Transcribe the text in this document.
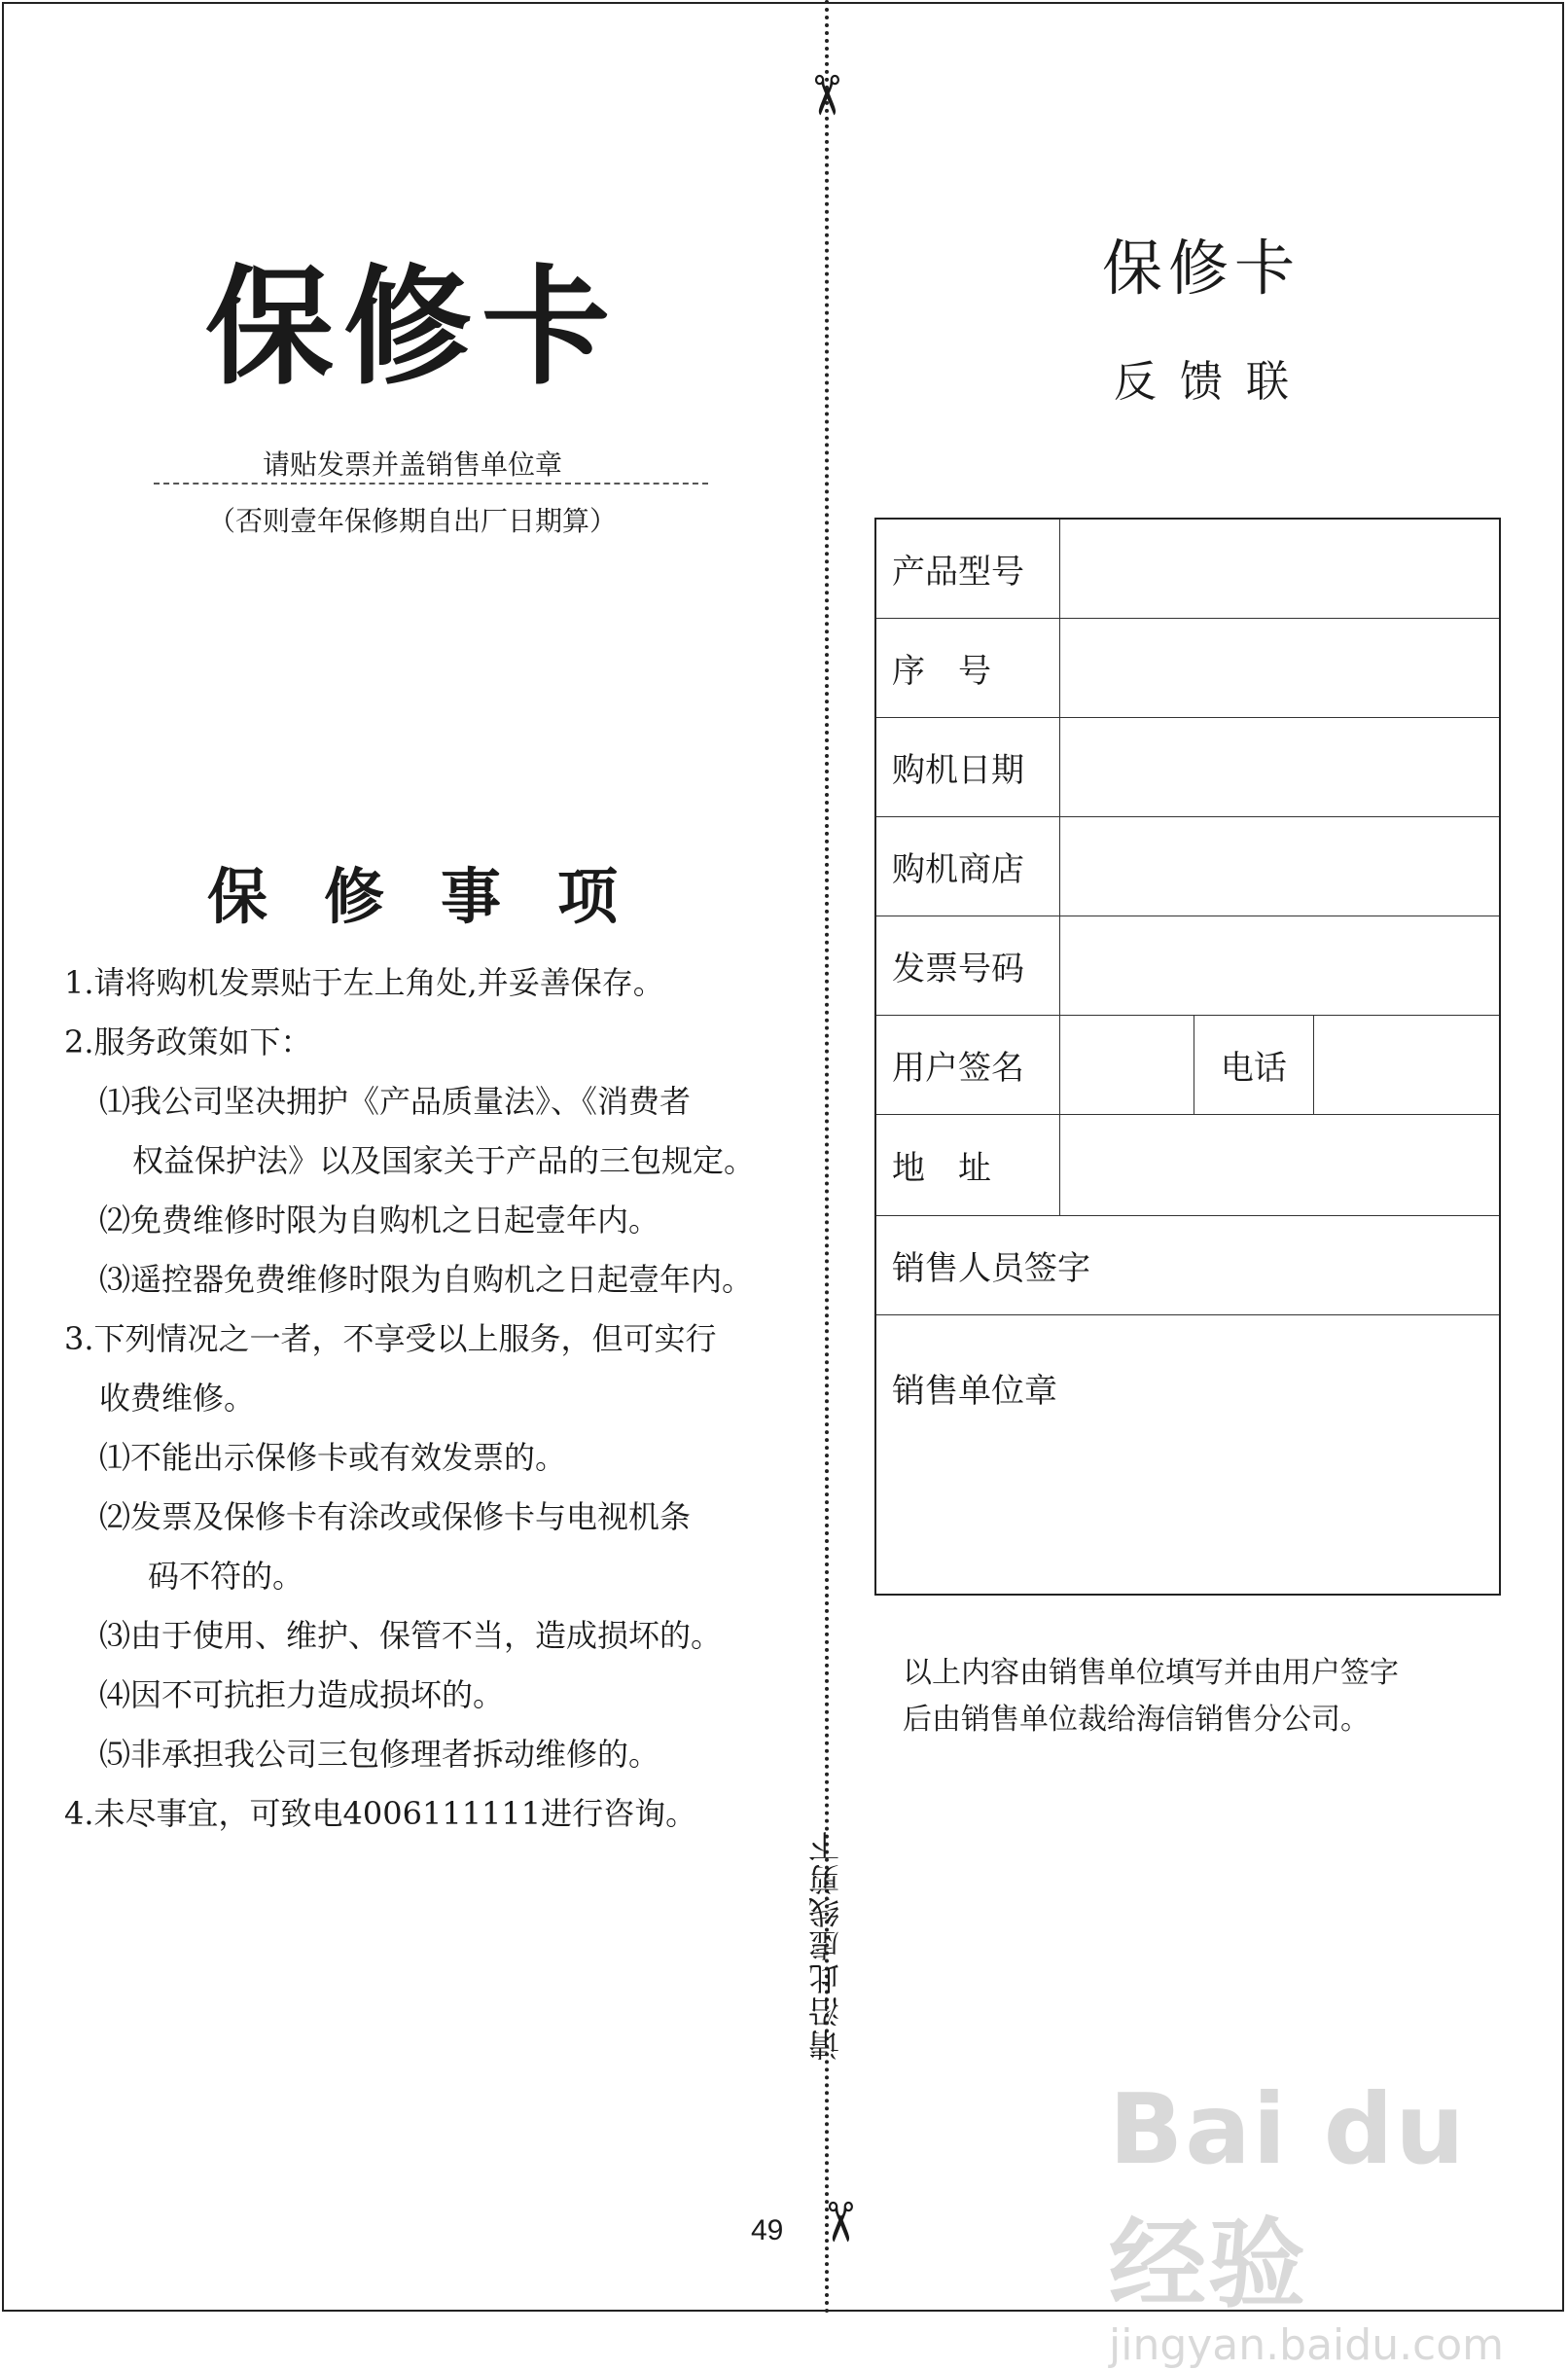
✂
✂
请沿此虚线剪下
49
保修卡
请贴发票并盖销售单位章
（否则壹年保修期自出厂日期算）
保修事项
1.请将购机发票贴于左上角处,并妥善保存。
2.服务政策如下：
⑴我公司坚决拥护《产品质量法》、《消费者
权益保护法》以及国家关于产品的三包规定。
⑵免费维修时限为自购机之日起壹年内。
⑶遥控器免费维修时限为自购机之日起壹年内。
3.下列情况之一者，不享受以上服务，但可实行
收费维修。
⑴不能出示保修卡或有效发票的。
⑵发票及保修卡有涂改或保修卡与电视机条
码不符的。
⑶由于使用、维护、保管不当，造成损坏的。
⑷因不可抗拒力造成损坏的。
⑸非承担我公司三包修理者拆动维修的。
4.未尽事宜，可致电4006111111进行咨询。
保修卡
反馈联
产品型号			
序　号			
购机日期			
购机商店			
发票号码			
用户签名		电话	
地　址			
销售人员签字			
销售单位章			
以上内容由销售单位填写并由用户签字
后由销售单位裁给海信销售分公司。
Bai du 经验
jingyan.baidu.com
